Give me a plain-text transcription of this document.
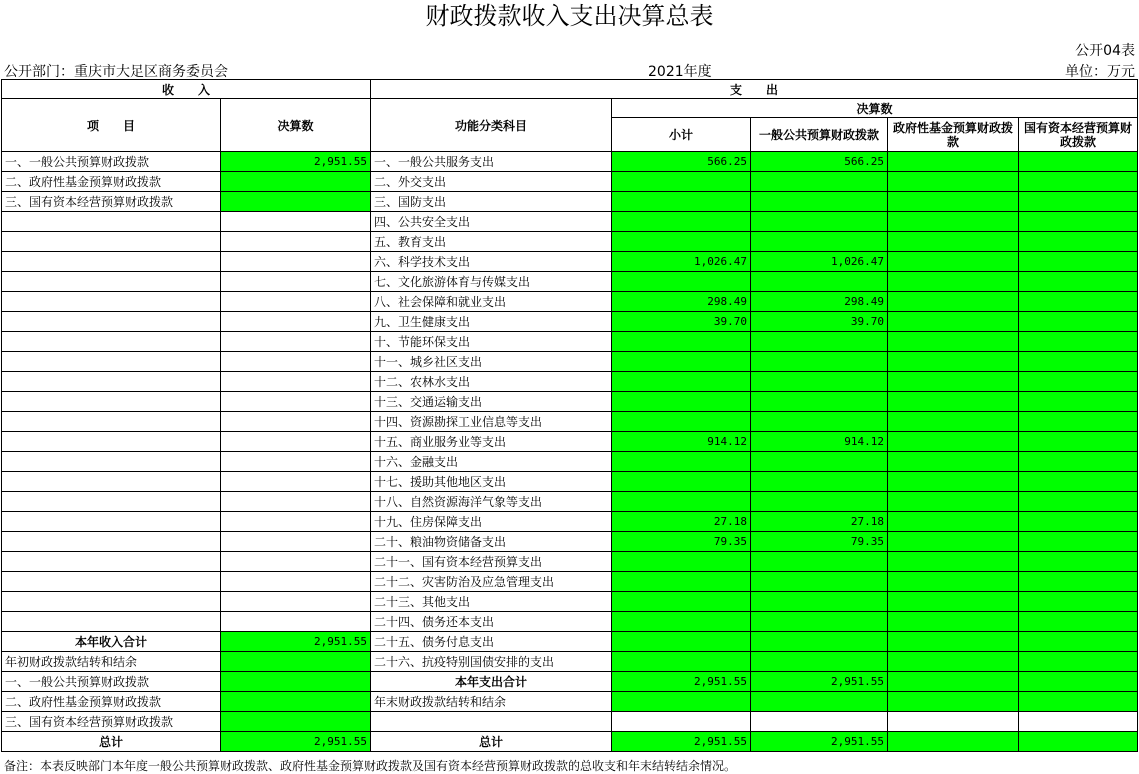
财政拨款收入支出决算总表
公开04表
公开部门：重庆市大足区商务委员会	2021年度	单位：万元
收　　入		支　　出				
项　　目	决算数	功能分类科目	决算数			
			小计	一般公共预算财政拨款	政府性基金预算财政拨款	国有资本经营预算财政拨款

一、一般公共预算财政拨款	2,951.55	一、一般公共服务支出	566.25	566.25		
二、政府性基金预算财政拨款		二、外交支出				
三、国有资本经营预算财政拨款		三、国防支出				
		四、公共安全支出				
		五、教育支出				
		六、科学技术支出	1,026.47	1,026.47		
		七、文化旅游体育与传媒支出				
		八、社会保障和就业支出	298.49	298.49		
		九、卫生健康支出	39.70	39.70		
		十、节能环保支出				
		十一、城乡社区支出				
		十二、农林水支出				
		十三、交通运输支出				
		十四、资源勘探工业信息等支出				
		十五、商业服务业等支出	914.12	914.12		
		十六、金融支出				
		十七、援助其他地区支出				
		十八、自然资源海洋气象等支出				
		十九、住房保障支出	27.18	27.18		
		二十、粮油物资储备支出	79.35	79.35		
		二十一、国有资本经营预算支出				
		二十二、灾害防治及应急管理支出				
		二十三、其他支出				
		二十四、债务还本支出				
本年收入合计	2,951.55	二十五、债务付息支出				
年初财政拨款结转和结余		二十六、抗疫特别国债安排的支出				
一、一般公共预算财政拨款		本年支出合计	2,951.55	2,951.55		
二、政府性基金预算财政拨款		年末财政拨款结转和结余				
三、国有资本经营预算财政拨款						
总计	2,951.55	总计	2,951.55	2,951.55		
备注：本表反映部门本年度一般公共预算财政拨款、政府性基金预算财政拨款及国有资本经营预算财政拨款的总收支和年末结转结余情况。
